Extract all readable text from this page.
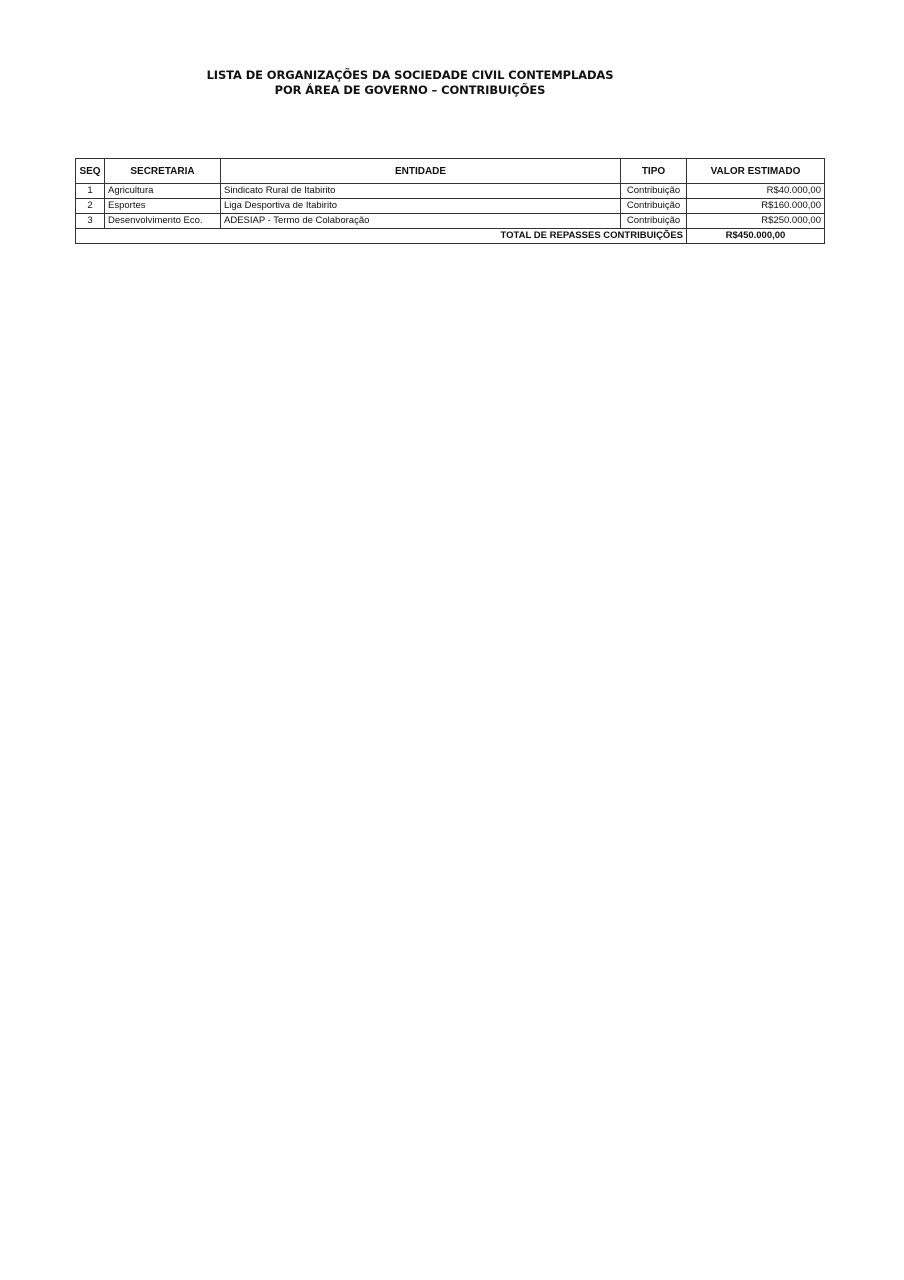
LISTA DE ORGANIZAÇÕES DA SOCIEDADE CIVIL CONTEMPLADAS
POR ÁREA DE GOVERNO – CONTRIBUIÇÕES
SEQ	SECRETARIA	ENTIDADE	TIPO	VALOR ESTIMADO
1	Agricultura	Sindicato Rural de Itabirito	Contribuição	R$40.000,00
2	Esportes	Liga Desportiva de Itabirito	Contribuição	R$160.000,00
3	Desenvolvimento Eco.	ADESIAP - Termo de Colaboração	Contribuição	R$250.000,00
TOTAL DE REPASSES CONTRIBUIÇÕES				R$450.000,00
